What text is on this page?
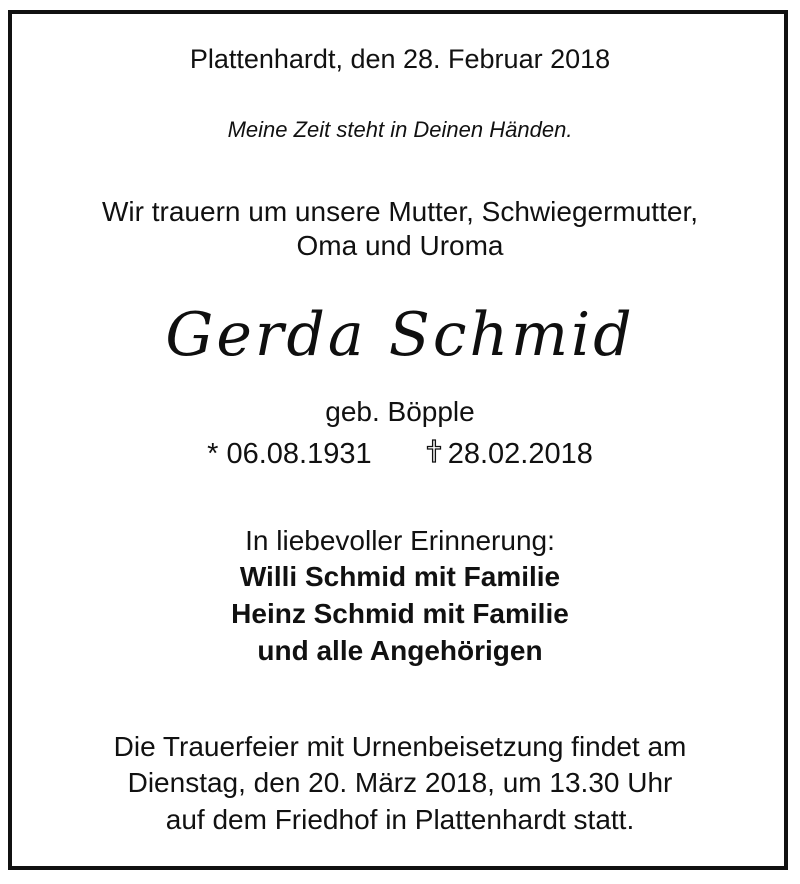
Plattenhardt, den 28. Februar 2018
Meine Zeit steht in Deinen Händen.
Wir trauern um unsere Mutter, Schwiegermutter,
Oma und Uroma
Gerda Schmid
geb. Böpple
* 06.08.1931	28.02.2018
In liebevoller Erinnerung:
Willi Schmid mit Familie
Heinz Schmid mit Familie
und alle Angehörigen
Die Trauerfeier mit Urnenbeisetzung findet am
Dienstag, den 20. März 2018, um 13.30 Uhr
auf dem Friedhof in Plattenhardt statt.
